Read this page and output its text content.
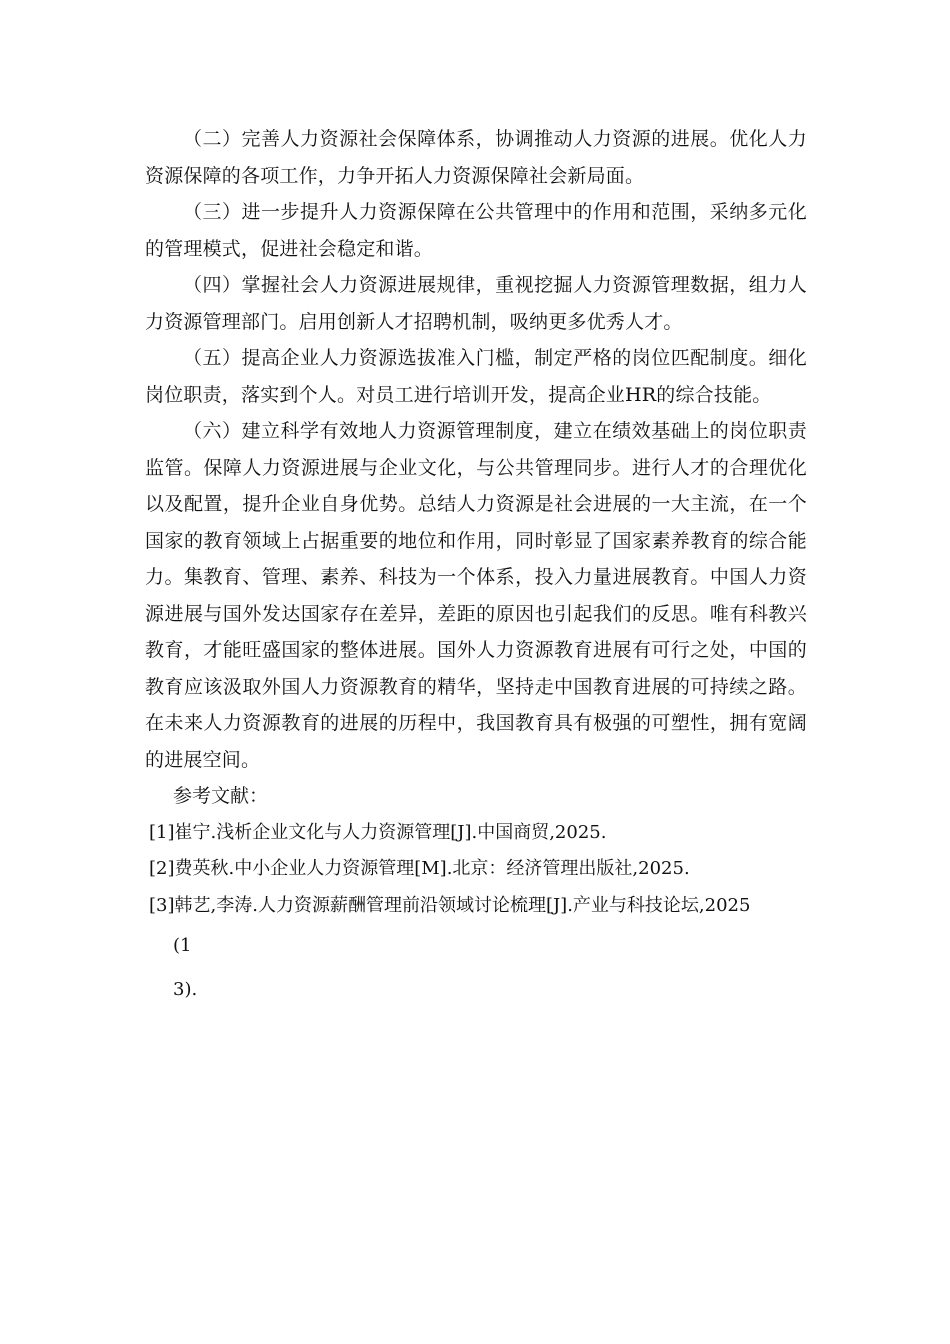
（二）完善人力资源社会保障体系，协调推动人力资源的进展。优化人力资源保障的各项工作，力争开拓人力资源保障社会新局面。

（三）进一步提升人力资源保障在公共管理中的作用和范围，采纳多元化的管理模式，促进社会稳定和谐。

（四）掌握社会人力资源进展规律，重视挖掘人力资源管理数据，组力人力资源管理部门。启用创新人才招聘机制，吸纳更多优秀人才。

（五）提高企业人力资源选拔准入门槛，制定严格的岗位匹配制度。细化岗位职责，落实到个人。对员工进行培训开发，提高企业HR的综合技能。

（六）建立科学有效地人力资源管理制度，建立在绩效基础上的岗位职责监管。保障人力资源进展与企业文化，与公共管理同步。进行人才的合理优化以及配置，提升企业自身优势。总结人力资源是社会进展的一大主流，在一个国家的教育领域上占据重要的地位和作用，同时彰显了国家素养教育的综合能力。集教育、管理、素养、科技为一个体系，投入力量进展教育。中国人力资源进展与国外发达国家存在差异，差距的原因也引起我们的反思。唯有科教兴教育，才能旺盛国家的整体进展。国外人力资源教育进展有可行之处，中国的教育应该汲取外国人力资源教育的精华，坚持走中国教育进展的可持续之路。在未来人力资源教育的进展的历程中，我国教育具有极强的可塑性，拥有宽阔的进展空间。

参考文献：

[1]崔宁.浅析企业文化与人力资源管理[J].中国商贸,2025.

[2]费英秋.中小企业人力资源管理[M].北京：经济管理出版社,2025.

[3]韩艺,李涛.人力资源薪酬管理前沿领域讨论梳理[J].产业与科技论坛,2025

(1

3).
